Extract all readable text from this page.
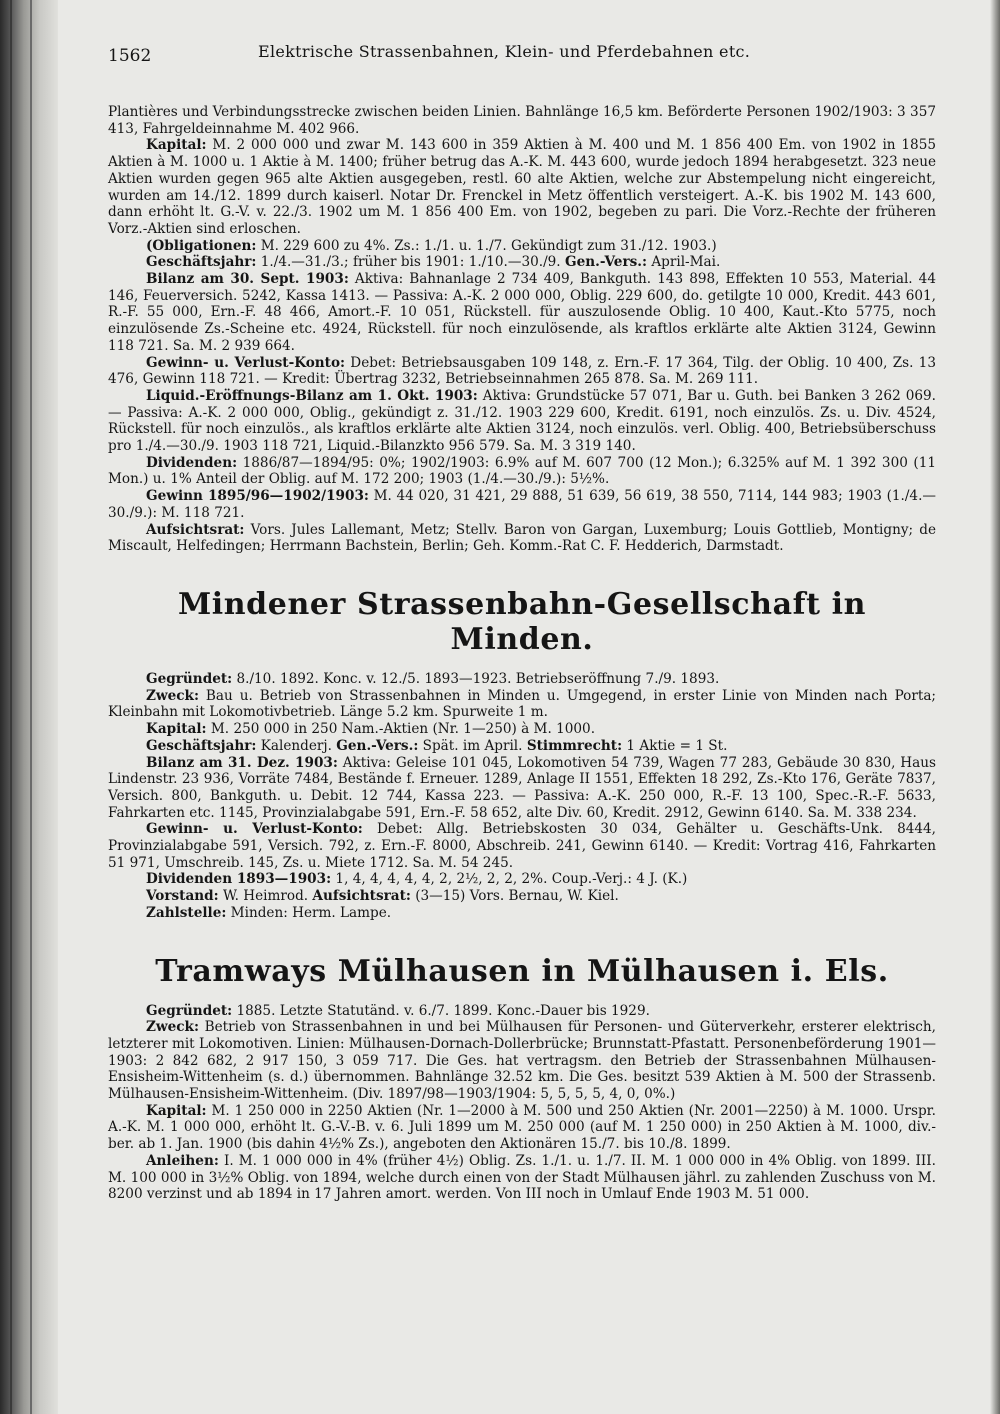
1562	Elektrische Strassenbahnen, Klein- und Pferdebahnen etc.

Plantières und Verbindungsstrecke zwischen beiden Linien. Bahnlänge 16,5 km. Beförderte Personen 1902/1903: 3 357 413, Fahrgeldeinnahme M. 402 966.

Kapital: M. 2 000 000 und zwar M. 143 600 in 359 Aktien à M. 400 und M. 1 856 400 Em. von 1902 in 1855 Aktien à M. 1000 u. 1 Aktie à M. 1400; früher betrug das A.-K. M. 443 600, wurde jedoch 1894 herabgesetzt. 323 neue Aktien wurden gegen 965 alte Aktien ausgegeben, restl. 60 alte Aktien, welche zur Abstempelung nicht eingereicht, wurden am 14./12. 1899 durch kaiserl. Notar Dr. Frenckel in Metz öffentlich versteigert. A.-K. bis 1902 M. 143 600, dann erhöht lt. G.-V. v. 22./3. 1902 um M. 1 856 400 Em. von 1902, begeben zu pari. Die Vorz.-Rechte der früheren Vorz.-Aktien sind erloschen.

(Obligationen: M. 229 600 zu 4%. Zs.: 1./1. u. 1./7. Gekündigt zum 31./12. 1903.)

Geschäftsjahr: 1./4.—31./3.; früher bis 1901: 1./10.—30./9. Gen.-Vers.: April-Mai.

Bilanz am 30. Sept. 1903: Aktiva: Bahnanlage 2 734 409, Bankguth. 143 898, Effekten 10 553, Material. 44 146, Feuerversich. 5242, Kassa 1413. — Passiva: A.-K. 2 000 000, Oblig. 229 600, do. getilgte 10 000, Kredit. 443 601, R.-F. 55 000, Ern.-F. 48 466, Amort.-F. 10 051, Rückstell. für auszulosende Oblig. 10 400, Kaut.-Kto 5775, noch einzulösende Zs.-Scheine etc. 4924, Rückstell. für noch einzulösende, als kraftlos erklärte alte Aktien 3124, Gewinn 118 721. Sa. M. 2 939 664.

Gewinn- u. Verlust-Konto: Debet: Betriebsausgaben 109 148, z. Ern.-F. 17 364, Tilg. der Oblig. 10 400, Zs. 13 476, Gewinn 118 721. — Kredit: Übertrag 3232, Betriebseinnahmen 265 878. Sa. M. 269 111.

Liquid.-Eröffnungs-Bilanz am 1. Okt. 1903: Aktiva: Grundstücke 57 071, Bar u. Guth. bei Banken 3 262 069. — Passiva: A.-K. 2 000 000, Oblig., gekündigt z. 31./12. 1903 229 600, Kredit. 6191, noch einzulös. Zs. u. Div. 4524, Rückstell. für noch einzulös., als kraftlos erklärte alte Aktien 3124, noch einzulös. verl. Oblig. 400, Betriebsüberschuss pro 1./4.—30./9. 1903 118 721, Liquid.-Bilanzkto 956 579. Sa. M. 3 319 140.

Dividenden: 1886/87—1894/95: 0%; 1902/1903: 6.9% auf M. 607 700 (12 Mon.); 6.325% auf M. 1 392 300 (11 Mon.) u. 1% Anteil der Oblig. auf M. 172 200; 1903 (1./4.—30./9.): 5½%.

Gewinn 1895/96—1902/1903: M. 44 020, 31 421, 29 888, 51 639, 56 619, 38 550, 7114, 144 983; 1903 (1./4.—30./9.): M. 118 721.

Aufsichtsrat: Vors. Jules Lallemant, Metz; Stellv. Baron von Gargan, Luxemburg; Louis Gottlieb, Montigny; de Miscault, Helfedingen; Herrmann Bachstein, Berlin; Geh. Komm.-Rat C. F. Hedderich, Darmstadt.

Mindener Strassenbahn-Gesellschaft in Minden.

Gegründet: 8./10. 1892. Konc. v. 12./5. 1893—1923. Betriebseröffnung 7./9. 1893.

Zweck: Bau u. Betrieb von Strassenbahnen in Minden u. Umgegend, in erster Linie von Minden nach Porta; Kleinbahn mit Lokomotivbetrieb. Länge 5.2 km. Spurweite 1 m.

Kapital: M. 250 000 in 250 Nam.-Aktien (Nr. 1—250) à M. 1000.

Geschäftsjahr: Kalenderj. Gen.-Vers.: Spät. im April. Stimmrecht: 1 Aktie = 1 St.

Bilanz am 31. Dez. 1903: Aktiva: Geleise 101 045, Lokomotiven 54 739, Wagen 77 283, Gebäude 30 830, Haus Lindenstr. 23 936, Vorräte 7484, Bestände f. Erneuer. 1289, Anlage II 1551, Effekten 18 292, Zs.-Kto 176, Geräte 7837, Versich. 800, Bankguth. u. Debit. 12 744, Kassa 223. — Passiva: A.-K. 250 000, R.-F. 13 100, Spec.-R.-F. 5633, Fahrkarten etc. 1145, Provinzialabgabe 591, Ern.-F. 58 652, alte Div. 60, Kredit. 2912, Gewinn 6140. Sa. M. 338 234.

Gewinn- u. Verlust-Konto: Debet: Allg. Betriebskosten 30 034, Gehälter u. Geschäfts-Unk. 8444, Provinzialabgabe 591, Versich. 792, z. Ern.-F. 8000, Abschreib. 241, Gewinn 6140. — Kredit: Vortrag 416, Fahrkarten 51 971, Umschreib. 145, Zs. u. Miete 1712. Sa. M. 54 245.

Dividenden 1893—1903: 1, 4, 4, 4, 4, 4, 2, 2½, 2, 2, 2%. Coup.-Verj.: 4 J. (K.)

Vorstand: W. Heimrod. Aufsichtsrat: (3—15) Vors. Bernau, W. Kiel.

Zahlstelle: Minden: Herm. Lampe.

Tramways Mülhausen in Mülhausen i. Els.

Gegründet: 1885. Letzte Statutänd. v. 6./7. 1899. Konc.-Dauer bis 1929.

Zweck: Betrieb von Strassenbahnen in und bei Mülhausen für Personen- und Güterverkehr, ersterer elektrisch, letzterer mit Lokomotiven. Linien: Mülhausen-Dornach-Dollerbrücke; Brunnstatt-Pfastatt. Personenbeförderung 1901—1903: 2 842 682, 2 917 150, 3 059 717. Die Ges. hat vertragsm. den Betrieb der Strassenbahnen Mülhausen-Ensisheim-Wittenheim (s. d.) übernommen. Bahnlänge 32.52 km. Die Ges. besitzt 539 Aktien à M. 500 der Strassenb. Mülhausen-Ensisheim-Wittenheim. (Div. 1897/98—1903/1904: 5, 5, 5, 5, 4, 0, 0%.)

Kapital: M. 1 250 000 in 2250 Aktien (Nr. 1—2000 à M. 500 und 250 Aktien (Nr. 2001—2250) à M. 1000. Urspr. A.-K. M. 1 000 000, erhöht lt. G.-V.-B. v. 6. Juli 1899 um M. 250 000 (auf M. 1 250 000) in 250 Aktien à M. 1000, div.-ber. ab 1. Jan. 1900 (bis dahin 4½% Zs.), angeboten den Aktionären 15./7. bis 10./8. 1899.

Anleihen: I. M. 1 000 000 in 4% (früher 4½) Oblig. Zs. 1./1. u. 1./7. II. M. 1 000 000 in 4% Oblig. von 1899. III. M. 100 000 in 3½% Oblig. von 1894, welche durch einen von der Stadt Mülhausen jährl. zu zahlenden Zuschuss von M. 8200 verzinst und ab 1894 in 17 Jahren amort. werden. Von III noch in Umlauf Ende 1903 M. 51 000.
